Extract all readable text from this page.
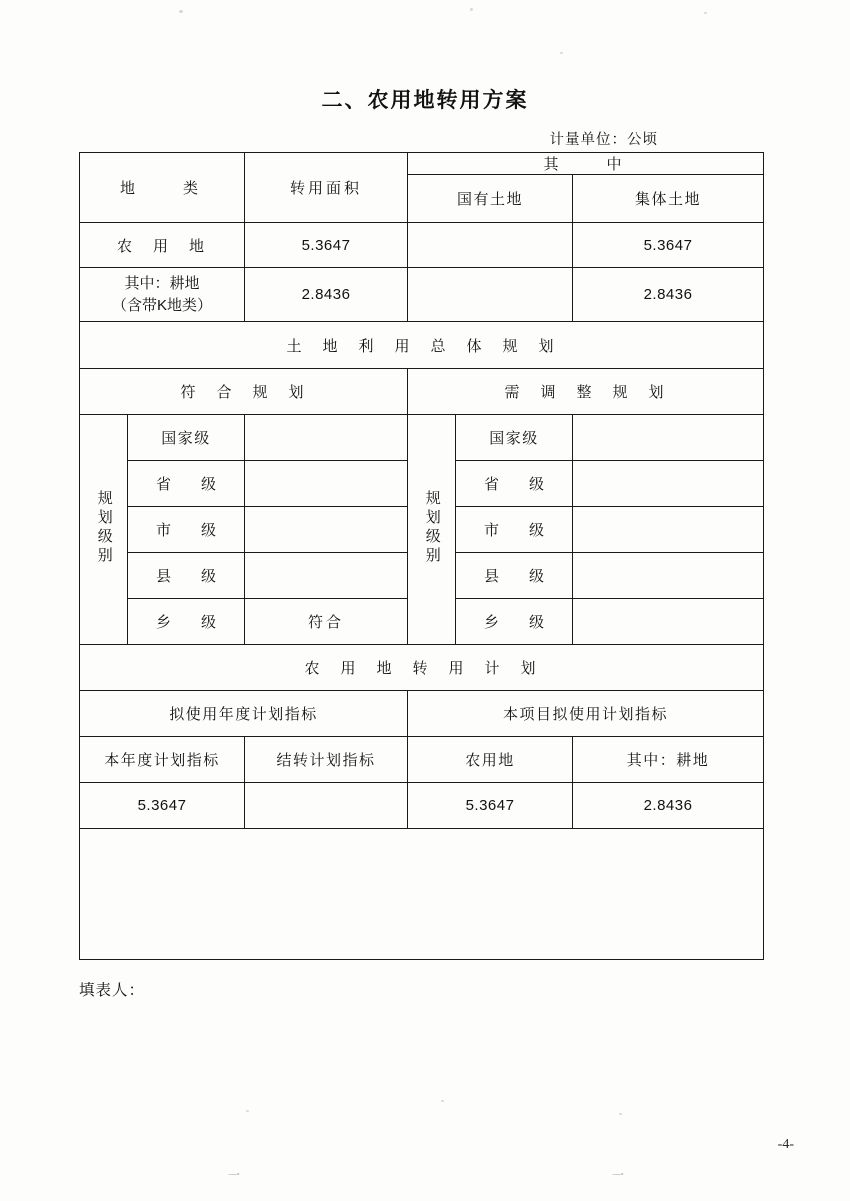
二、农用地转用方案
计量单位：公顷
地　　类		转用面积	其　　中		
			国有土地		集体土地
农　用　地		5.3647			5.3647
其中：耕地
（含带K地类）		2.8436			2.8436
土　地　利　用　总　体　规　划					
符　合　规　划			需　调　整　规　划		
规划级别	国家级		规划级别	国家级	
	省　　级			省　　级	
	市　　级			市　　级	
	县　　级			县　　级	
	乡　　级	符合		乡　　级	
农　用　地　转　用　计　划					
拟使用年度计划指标			本项目拟使用计划指标		
本年度计划指标		结转计划指标	农用地		其中：耕地
5.3647			5.3647		2.8436

填表人：
-4-
一	一
